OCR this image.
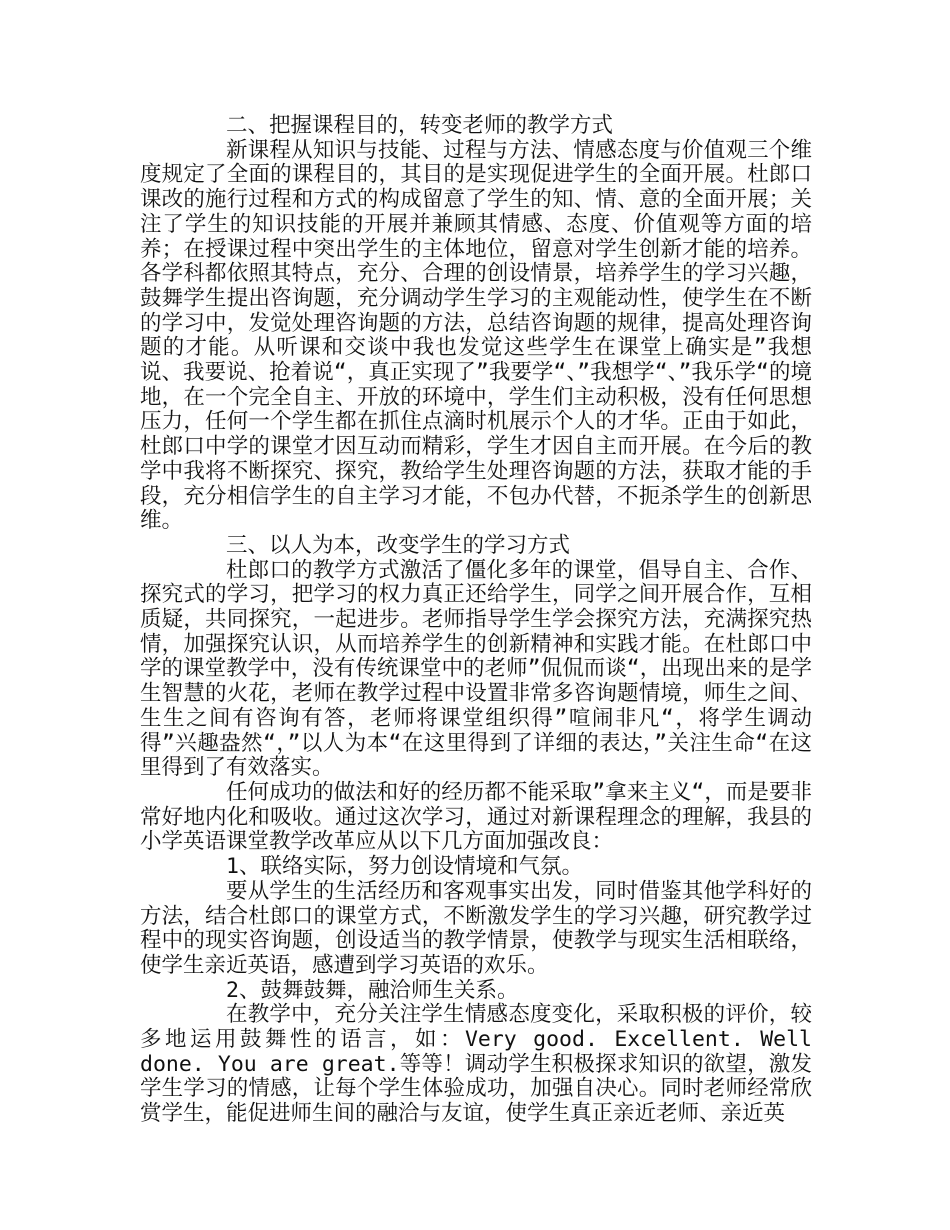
二、把握课程目的，转变老师的教学方式

新课程从知识与技能、过程与方法、情感态度与价值观三个维度规定了全面的课程目的，其目的是实现促进学生的全面开展。杜郎口课改的施行过程和方式的构成留意了学生的知、情、意的全面开展；关注了学生的知识技能的开展并兼顾其情感、态度、价值观等方面的培养；在授课过程中突出学生的主体地位，留意对学生创新才能的培养。各学科都依照其特点，充分、合理的创设情景，培养学生的学习兴趣，鼓舞学生提出咨询题，充分调动学生学习的主观能动性，使学生在不断的学习中，发觉处理咨询题的方法，总结咨询题的规律，提高处理咨询题的才能。从听课和交谈中我也发觉这些学生在课堂上确实是”我想说、我要说、抢着说“，真正实现了”我要学“、”我想学“、”我乐学“的境地，在一个完全自主、开放的环境中，学生们主动积极，没有任何思想压力，任何一个学生都在抓住点滴时机展示个人的才华。正由于如此，杜郎口中学的课堂才因互动而精彩，学生才因自主而开展。在今后的教学中我将不断探究、探究，教给学生处理咨询题的方法，获取才能的手段，充分相信学生的自主学习才能，不包办代替，不扼杀学生的创新思维。

三、以人为本，改变学生的学习方式

杜郎口的教学方式激活了僵化多年的课堂，倡导自主、合作、探究式的学习，把学习的权力真正还给学生，同学之间开展合作，互相质疑，共同探究，一起进步。老师指导学生学会探究方法，充满探究热情，加强探究认识，从而培养学生的创新精神和实践才能。在杜郎口中学的课堂教学中，没有传统课堂中的老师”侃侃而谈“，出现出来的是学生智慧的火花，老师在教学过程中设置非常多咨询题情境，师生之间、生生之间有咨询有答，老师将课堂组织得”喧闹非凡“，将学生调动得”兴趣盎然“，”以人为本“在这里得到了详细的表达，”关注生命“在这里得到了有效落实。

任何成功的做法和好的经历都不能采取”拿来主义“，而是要非常好地内化和吸收。通过这次学习，通过对新课程理念的理解，我县的小学英语课堂教学改革应从以下几方面加强改良：

1、联络实际，努力创设情境和气氛。

要从学生的生活经历和客观事实出发，同时借鉴其他学科好的方法，结合杜郎口的课堂方式，不断激发学生的学习兴趣，研究教学过程中的现实咨询题，创设适当的教学情景，使教学与现实生活相联络，使学生亲近英语，感遭到学习英语的欢乐。

2、鼓舞鼓舞，融洽师生关系。

在教学中，充分关注学生情感态度变化，采取积极的评价，较多地运用鼓舞性的语言，如：Very good. Excellent. Well done. You are great.等等！调动学生积极探求知识的欲望，激发学生学习的情感，让每个学生体验成功，加强自决心。同时老师经常欣赏学生，能促进师生间的融洽与友谊，使学生真正亲近老师、亲近英
